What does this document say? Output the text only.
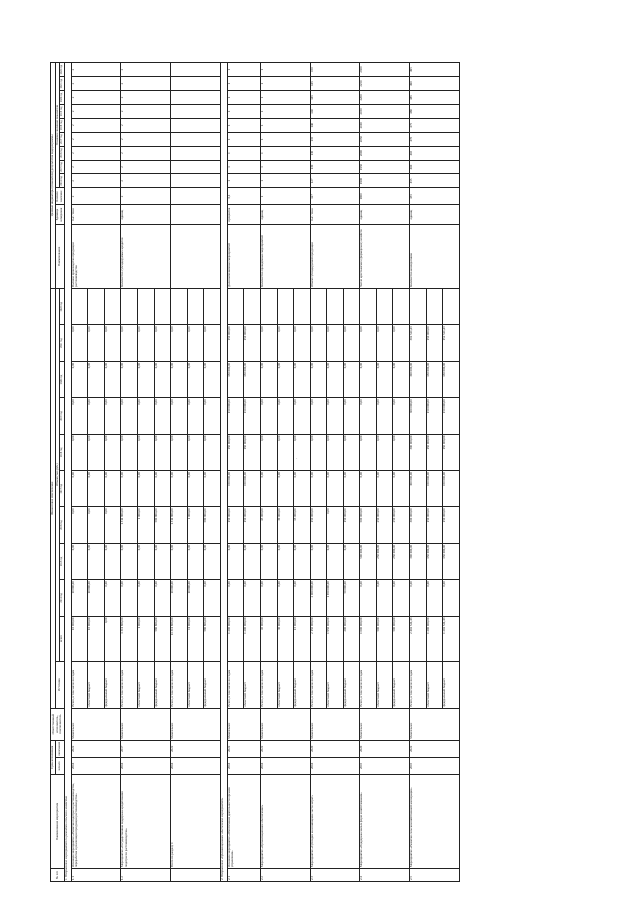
·
№ п/п	Наименование мероприятия	Срок исполнения		Ответственный исполнитель, соисполнитель	Финансовое обеспечение											Целевые индикаторы (показатели) результатов подпрограммы											
		начало	окончание		Источник	Объем (тыс.руб.)										Наименование	Единица измерения	Базовое значение	Плановое значение показателя								
						всего	2014 год	2015 год	2016 год	2017 год	2018 год	2019 год	2020 год	2021 год	2022 год				2014 год	2015 год	2016 год	2017 год	2018 год	2019 год	2020 год	2021 год	2022 год
1. Направление мероприятий по развитию сельского хозяйства																											
1.1	Основное мероприятие «Развитие подотрасли растениеводства, переработки и реализации продукции растениеводства»	2014	2022	Минсельхоз	Всего, в том числе по годам	10 000,00	10 000,00	0,00	0,00	0,00	0,00	0,00	0,00	0,00		Валовое производство продукции растениеводства	тыс. тонн	2	2	2	2	2	2	2	2	2	2
					областной бюджет	10 000,00	10 000,00	0,00	0,00	0,00	0,00	0,00	0,00	0,00													
					федеральный бюджет	0,00	0,00	0,00	0,00	0,00	0,00	0,00	0,00	0,00													
1.2	Мероприятие «Государственная поддержка кредитования подотрасли растениеводства»	2014	2017	Минсельхоз	Всего, в том числе по годам	1 311 806,00	0,00	0,00	1 311 806,00	0,00	0,00	0,00	0,00	0,00		Количество субсидируемых кредитов	единиц	2	2	2	2	2	2	2	2	2	2
					областной бюджет	1 000,00	0,00	0,00	1 000,00	0,00	0,00	0,00	0,00	0,00													
					федеральный бюджет	580 806,00	0,00	0,00	580 806,00	0,00	0,00	0,00	0,00	0,00													
	Всего по разделу 1	2014	2022	Минсельхоз	Всего, в том числе по годам	11 311 806,00	10 000,00	0,00	1 311 806,00	0,00	0,00	0,00	0,00	0,00													
					областной бюджет	11 000,00	10 000,00	0,00	1 000,00	0,00	0,00	0,00	0,00	0,00													
					федеральный бюджет	580 806,00	0,00	0,00	580 806,00	0,00	0,00	0,00	0,00	0,00													
2. Направление «Организационное обеспечение мероприятий»																											
2.1	Основное мероприятие «Обеспечение деятельности органов управления»	2014	2022	Минсельхоз	Всего, в том числе по годам	1 200 000,00	0,00	0,00	150 000,00	150 000,00	150 000,00	150 000,00	150 000,00	150 000,00		Доля выполненных мероприятий	процентов	0,1	1	1	1	1	1	1	1	1	1
					областной бюджет	1 200 000,00	0,00	0,00	150 000,00	150 000,00	150 000,00	150 000,00	150 000,00	150 000,00													
2.2	Мероприятие «Организационное обеспечение»	2014	2022	Минсельхоз	Всего, в том числе по годам	45 000,00	0,00	0,00	45 000,00	0,00	0,00	0,00	0,00	0,00		Количество проведённых мероприятий	единиц	1	1	1	1	1	1	1	1	1	1
					областной бюджет	30 000,00	0,00	0,00	30 000,00	0,00	0,00	0,00	0,00	0,00													
					федеральный бюджет	15 000,00	0,00	0,00	15 000,00	0,00	0,00	0,00	0,00	0,00													
2.3	Мероприятие «Субсидии на возмещение части затрат»	2014	2020	Минсельхоз	Всего, в том числе по годам	2 150 000,00	2 000 000,00	0,00	150 000,00	0,00	0,00	0,00	0,00	0,00		Объём субсидируемой продукции	тыс. тонн	127	127	130	130	135	140	140	145	145	150
					областной бюджет	1 950 000,00	1 950 000,00	0,00	0,00	0,00	0,00	0,00	0,00	0,00													
					федеральный бюджет	200 000,00	50 000,00	0,00	150 000,00	0,00	0,00	0,00	0,00	0,00													
2.4	Мероприятие «Поддержка малых форм хозяйствования»	2015	2020	Минсельхоз	Всего, в том числе по годам	1 000 000,00	0,00	500 000,00	500 000,00	0,00	0,00	0,00	0,00	0,00		Число крестьянских (фермерских) хозяйств	единиц	1900	1900	1950	2000	2050	2100	2150	2200	2250	2300
					областной бюджет	500 000,00	0,00	250 000,00	250 000,00	0,00	0,00	0,00	0,00	0,00													
					федеральный бюджет	500 000,00	0,00	250 000,00	250 000,00	0,00	0,00	0,00	0,00	0,00													
2.5	Мероприятие «Развитие сельскохозяйственной кооперации»	2015	2022	Минсельхоз	Всего, в том числе по годам	2 402 521,43	0,00	300 000,00	300 000,00	300 000,00	300 000,00	300 000,00	300 000,00	302 521,43		Количество кооперативов	единиц	455	455	460	465	470	475	480	485	490	495
					областной бюджет	1 200 000,00	0,00	150 000,00	150 000,00	150 000,00	150 000,00	150 000,00	150 000,00	150 000,00													
					федеральный бюджет	1 202 521,43	0,00	150 000,00	150 000,00	150 000,00	150 000,00	150 000,00	150 000,00	152 521,43													
